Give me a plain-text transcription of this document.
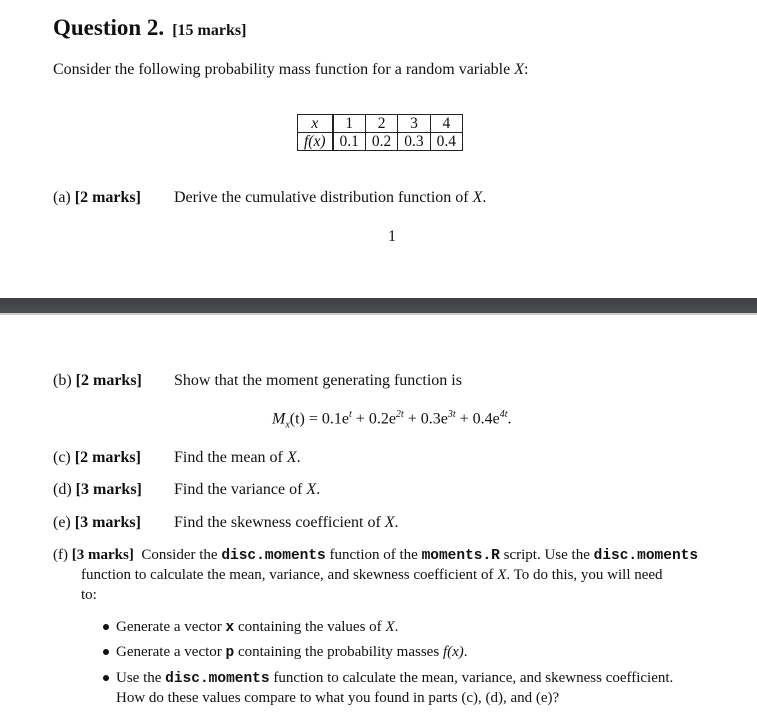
Question 2. [15 marks]
Consider the following probability mass function for a random variable X:
x	1	2	3	4
f(x)	0.1	0.2	0.3	0.4
(a) [2 marks] Derive the cumulative distribution function of X.
1
(b) [2 marks] Show that the moment generating function is
$M_x(t) = 0.1e^t + 0.2e^{2t} + 0.3e^{3t} + 0.4e^{4t}$.
(c) [2 marks] Find the mean of X.
(d) [3 marks] Find the variance of X.
(e) [3 marks] Find the skewness coefficient of X.
(f) [3 marks] Consider the disc.moments function of the moments.R script. Use the disc.moments
function to calculate the mean, variance, and skewness coefficient of X. To do this, you will need
to:
Generate a vector x containing the values of X.
Generate a vector p containing the probability masses f(x).
Use the disc.moments function to calculate the mean, variance, and skewness coefficient.
How do these values compare to what you found in parts (c), (d), and (e)?
